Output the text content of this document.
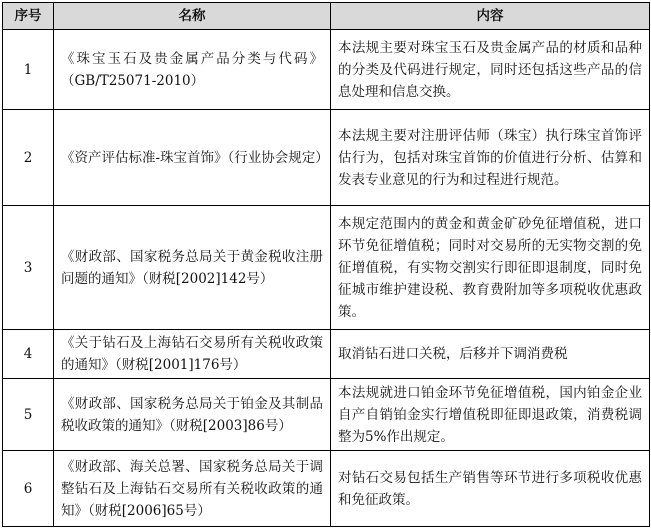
序号	名称	内容
1	《珠宝玉石及贵金属产品分类与代码》（GB/T25071-2010）	本法规主要对珠宝玉石及贵金属产品的材质和品种的分类及代码进行规定，同时还包括这些产品的信息处理和信息交换。
2	《资产评估标准-珠宝首饰》（行业协会规定）	本法规主要对注册评估师（珠宝）执行珠宝首饰评估行为，包括对珠宝首饰的价值进行分析、估算和发表专业意见的行为和过程进行规范。
3	《财政部、国家税务总局关于黄金税收注册问题的通知》（财税[2002]142号）	本规定范围内的黄金和黄金矿砂免征增值税，进口环节免征增值税；同时对交易所的无实物交割的免征增值税，有实物交割实行即征即退制度，同时免征城市维护建设税、教育费附加等多项税收优惠政策。
4	《关于钻石及上海钻石交易所有关税收政策的通知》（财税[2001]176号）	取消钻石进口关税，后移并下调消费税
5	《财政部、国家税务总局关于铂金及其制品税收政策的通知》（财税[2003]86号）	本法规就进口铂金环节免征增值税，国内铂金企业自产自销铂金实行增值税即征即退政策，消费税调整为5%作出规定。
6	《财政部、海关总署、国家税务总局关于调整钻石及上海钻石交易所有关税收政策的通知》（财税[2006]65号）	对钻石交易包括生产销售等环节进行多项税收优惠和免征政策。
